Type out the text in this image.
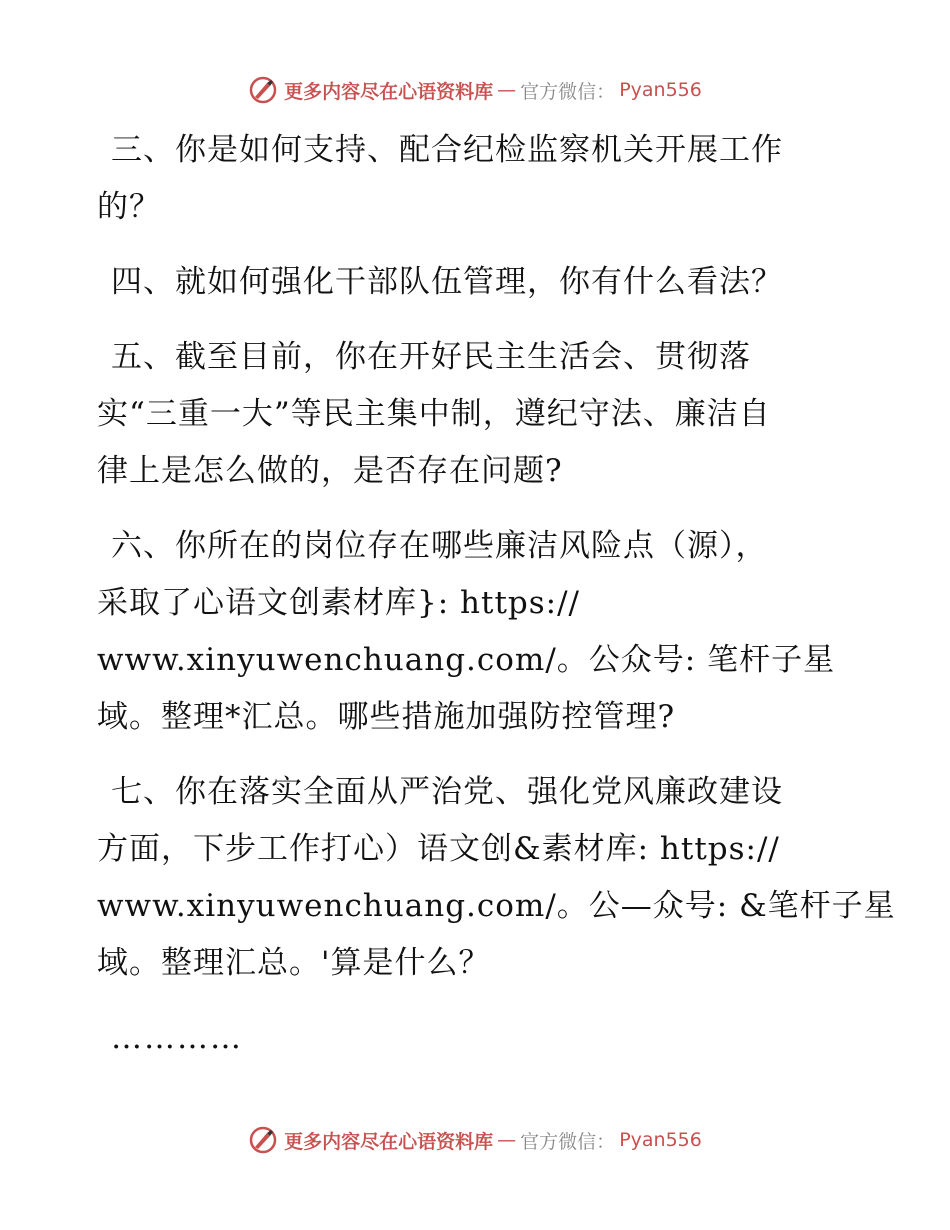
更多内容尽在心语资料库 — 官方微信： Pyan556
三、你是如何支持、配合纪检监察机关开展工作
的？
四、就如何强化干部队伍管理，你有什么看法？
五、截至目前，你在开好民主生活会、贯彻落
实“三重一大”等民主集中制，遵纪守法、廉洁自
律上是怎么做的，是否存在问题?
六、你所在的岗位存在哪些廉洁风险点（源），
采取了心语文创素材库}: https://
www.xinyuwenchuang.com/。公众号: 笔杆子星
域。整理*汇总。哪些措施加强防控管理?
七、你在落实全面从严治党、强化党风廉政建设
方面，下步工作打心）语文创&素材库: https://
www.xinyuwenchuang.com/。公—众号: &笔杆子星
域。整理汇总。'算是什么？
…………
更多内容尽在心语资料库 — 官方微信： Pyan556
